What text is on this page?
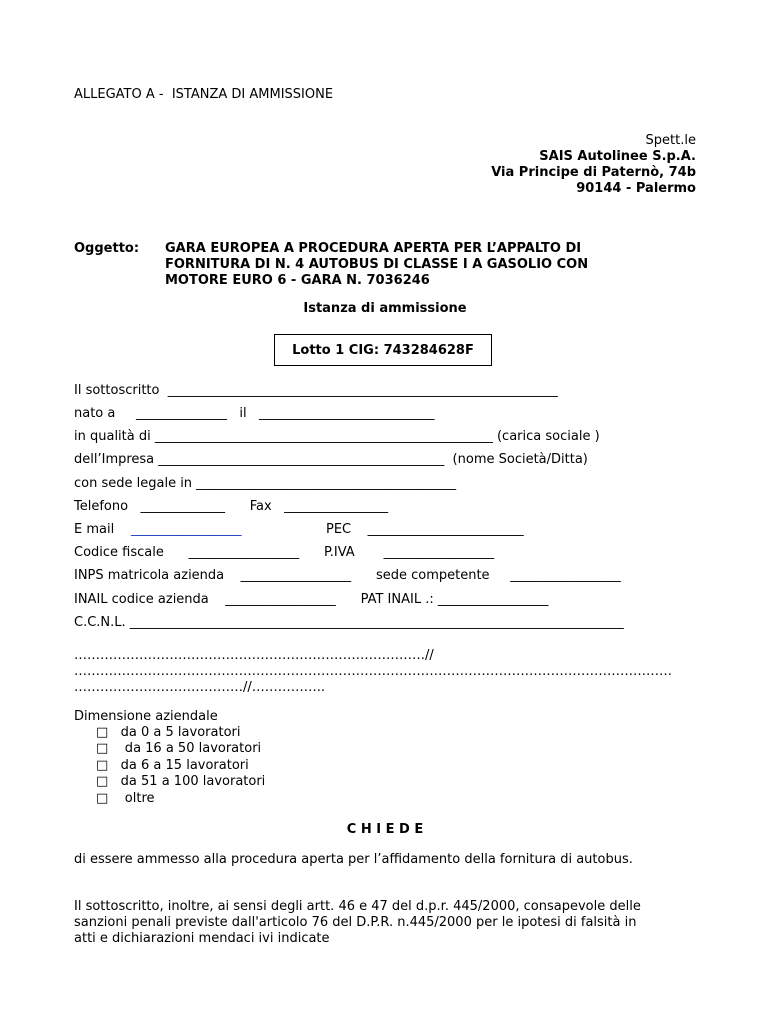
ALLEGATO A -  ISTANZA DI AMMISSIONE
Spett.le
SAIS Autolinee S.p.A.
Via Principe di Paternò, 74b
90144 - Palermo
Oggetto: GARA EUROPEA A PROCEDURA APERTA PER L’APPALTO DI
FORNITURA DI N. 4 AUTOBUS DI CLASSE I A GASOLIO CON
MOTORE EURO 6 - GARA N. 7036246
Istanza di ammissione
Lotto 1 CIG: 743284628F
Il sottoscritto  ____________________________________________________________
nato a     ______________   il   ___________________________
in qualità di ____________________________________________________ (carica sociale )
dell’Impresa ____________________________________________  (nome Società/Ditta)
con sede legale in ________________________________________
Telefono   _____________      Fax   ________________
E mail _________________	PEC    ________________________
Codice fiscale      _________________      P.IVA       _________________
INPS matricola azienda    _________________      sede competente     _________________
INAIL codice azienda    _________________      PAT INAIL .: _________________
C.C.N.L. ____________________________________________________________________________
………………………………………………………………………//
…………………………………………………………………………………………………………………………
…………………………………//……………..
Dimensione aziendale
□   da 0 a 5 lavoratori
□    da 16 a 50 lavoratori
□   da 6 a 15 lavoratori
□   da 51 a 100 lavoratori
□    oltre
C H I E D E
di essere ammesso alla procedura aperta per l’affidamento della fornitura di autobus.
Il sottoscritto, inoltre, ai sensi degli artt. 46 e 47 del d.p.r. 445/2000, consapevole delle
sanzioni penali previste dall'articolo 76 del D.P.R. n.445/2000 per le ipotesi di falsità in
atti e dichiarazioni mendaci ivi indicate
